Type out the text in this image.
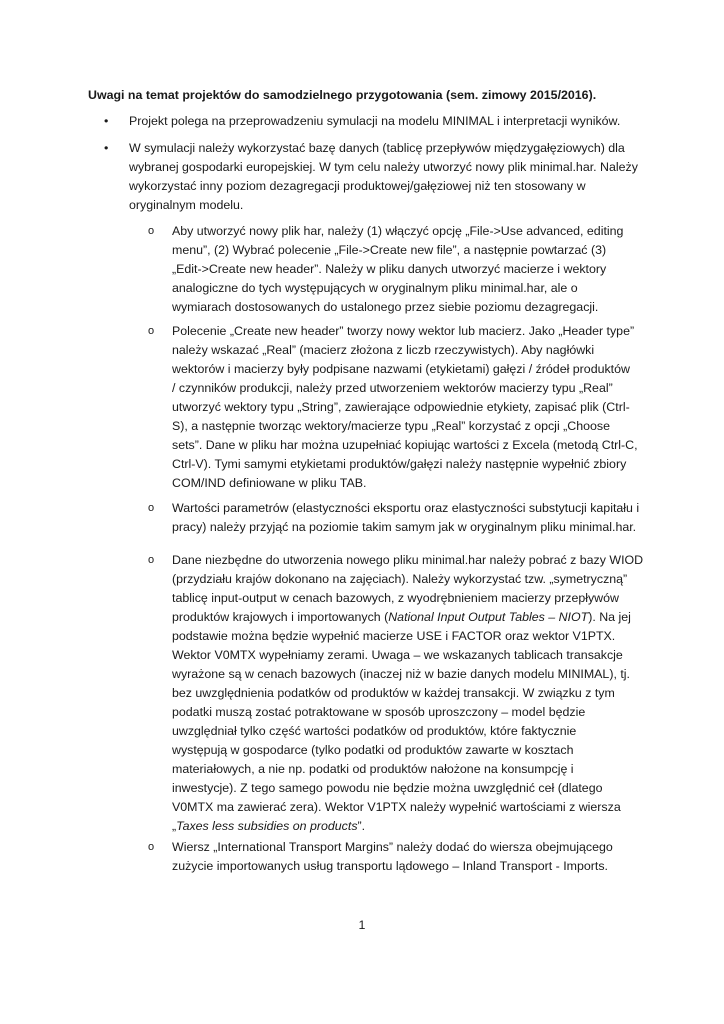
Uwagi na temat projektów do samodzielnego przygotowania (sem. zimowy 2015/2016).
• Projekt polega na przeprowadzeniu symulacji na modelu MINIMAL i interpretacji wyników.
• W symulacji należy wykorzystać bazę danych (tablicę przepływów międzygałęziowych) dla
wybranej gospodarki europejskiej. W tym celu należy utworzyć nowy plik minimal.har. Należy
wykorzystać inny poziom dezagregacji produktowej/gałęziowej niż ten stosowany w
oryginalnym modelu.
o Aby utworzyć nowy plik har, należy (1) włączyć opcję „File->Use advanced, editing
menu”, (2) Wybrać polecenie „File->Create new file”, a następnie powtarzać (3)
„Edit->Create new header”. Należy w pliku danych utworzyć macierze i wektory
analogiczne do tych występujących w oryginalnym pliku minimal.har, ale o
wymiarach dostosowanych do ustalonego przez siebie poziomu dezagregacji.
o Polecenie „Create new header” tworzy nowy wektor lub macierz. Jako „Header type”
należy wskazać „Real” (macierz złożona z liczb rzeczywistych). Aby nagłówki
wektorów i macierzy były podpisane nazwami (etykietami) gałęzi / źródeł produktów
/ czynników produkcji, należy przed utworzeniem wektorów macierzy typu „Real”
utworzyć wektory typu „String”, zawierające odpowiednie etykiety, zapisać plik (Ctrl-
S), a następnie tworząc wektory/macierze typu „Real” korzystać z opcji „Choose
sets”. Dane w pliku har można uzupełniać kopiując wartości z Excela (metodą Ctrl-C,
Ctrl-V). Tymi samymi etykietami produktów/gałęzi należy następnie wypełnić zbiory
COM/IND definiowane w pliku TAB.
o Wartości parametrów (elastyczności eksportu oraz elastyczności substytucji kapitału i
pracy) należy przyjąć na poziomie takim samym jak w oryginalnym pliku minimal.har.
o Dane niezbędne do utworzenia nowego pliku minimal.har należy pobrać z bazy WIOD
(przydziału krajów dokonano na zajęciach). Należy wykorzystać tzw. „symetryczną”
tablicę input-output w cenach bazowych, z wyodrębnieniem macierzy przepływów
produktów krajowych i importowanych (National Input Output Tables – NIOT). Na jej
podstawie można będzie wypełnić macierze USE i FACTOR oraz wektor V1PTX.
Wektor V0MTX wypełniamy zerami. Uwaga – we wskazanych tablicach transakcje
wyrażone są w cenach bazowych (inaczej niż w bazie danych modelu MINIMAL), tj.
bez uwzględnienia podatków od produktów w każdej transakcji. W związku z tym
podatki muszą zostać potraktowane w sposób uproszczony – model będzie
uwzględniał tylko część wartości podatków od produktów, które faktycznie
występują w gospodarce (tylko podatki od produktów zawarte w kosztach
materiałowych, a nie np. podatki od produktów nałożone na konsumpcję i
inwestycje). Z tego samego powodu nie będzie można uwzględnić ceł (dlatego
V0MTX ma zawierać zera). Wektor V1PTX należy wypełnić wartościami z wiersza
„Taxes less subsidies on products”.
o Wiersz „International Transport Margins” należy dodać do wiersza obejmującego
zużycie importowanych usług transportu lądowego – Inland Transport - Imports.
1
